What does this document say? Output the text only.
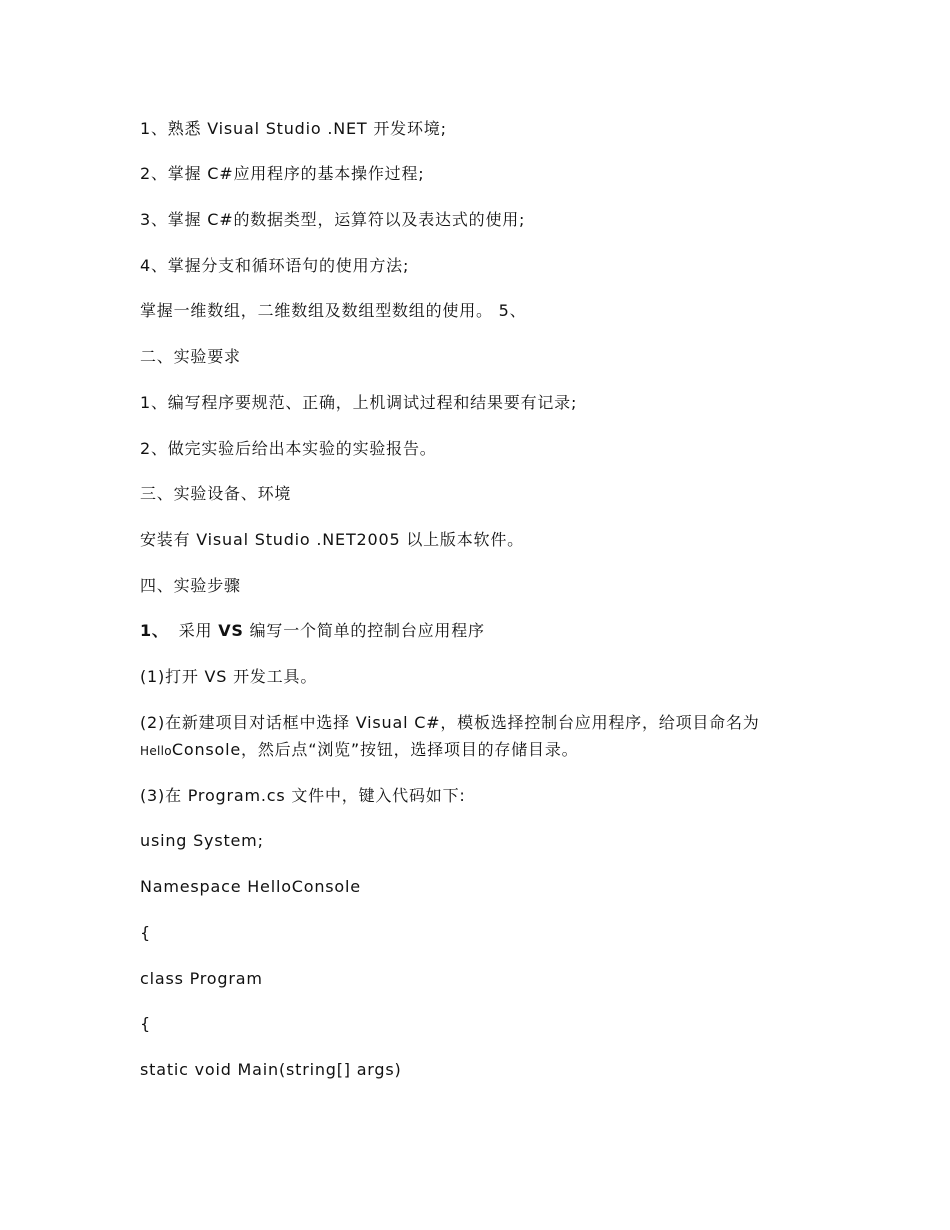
1、熟悉 Visual Studio .NET 开发环境;

2、掌握 C#应用程序的基本操作过程;

3、掌握 C#的数据类型，运算符以及表达式的使用;

4、掌握分支和循环语句的使用方法;

掌握一维数组，二维数组及数组型数组的使用。 5、

二、实验要求

1、编写程序要规范、正确，上机调试过程和结果要有记录;

2、做完实验后给出本实验的实验报告。

三、实验设备、环境

安装有 Visual Studio .NET2005 以上版本软件。

四、实验步骤

1、 采用 VS 编写一个简单的控制台应用程序

(1)打开 VS 开发工具。

(2)在新建项目对话框中选择 Visual C#，模板选择控制台应用程序，给项目命名为

HelloConsole，然后点“浏览”按钮，选择项目的存储目录。

(3)在 Program.cs 文件中，键入代码如下:

using System;

Namespace HelloConsole

{

class Program

{

static void Main(string[] args)
